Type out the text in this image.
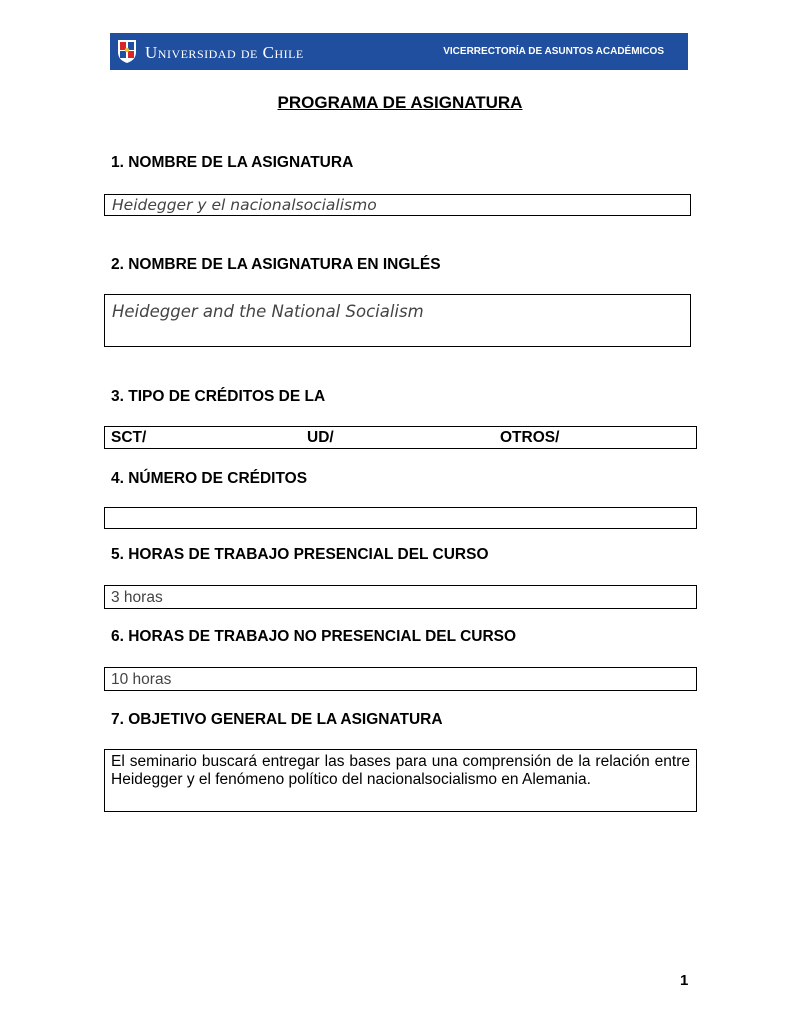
Universidad de Chile	VICERRECTORÍA DE ASUNTOS ACADÉMICOS
PROGRAMA DE ASIGNATURA
1. NOMBRE DE LA ASIGNATURA
Heidegger y el nacionalsocialismo
2. NOMBRE DE LA ASIGNATURA EN INGLÉS
Heidegger and the National Socialism
3. TIPO DE CRÉDITOS DE LA
SCT/	UD/	OTROS/
4. NÚMERO DE CRÉDITOS
5. HORAS DE TRABAJO PRESENCIAL DEL CURSO
3 horas
6. HORAS DE TRABAJO NO PRESENCIAL DEL CURSO
10 horas
7. OBJETIVO GENERAL DE LA ASIGNATURA
El seminario buscará entregar las bases para una comprensión de la relación entre Heidegger y el fenómeno político del nacionalsocialismo en Alemania.
1
